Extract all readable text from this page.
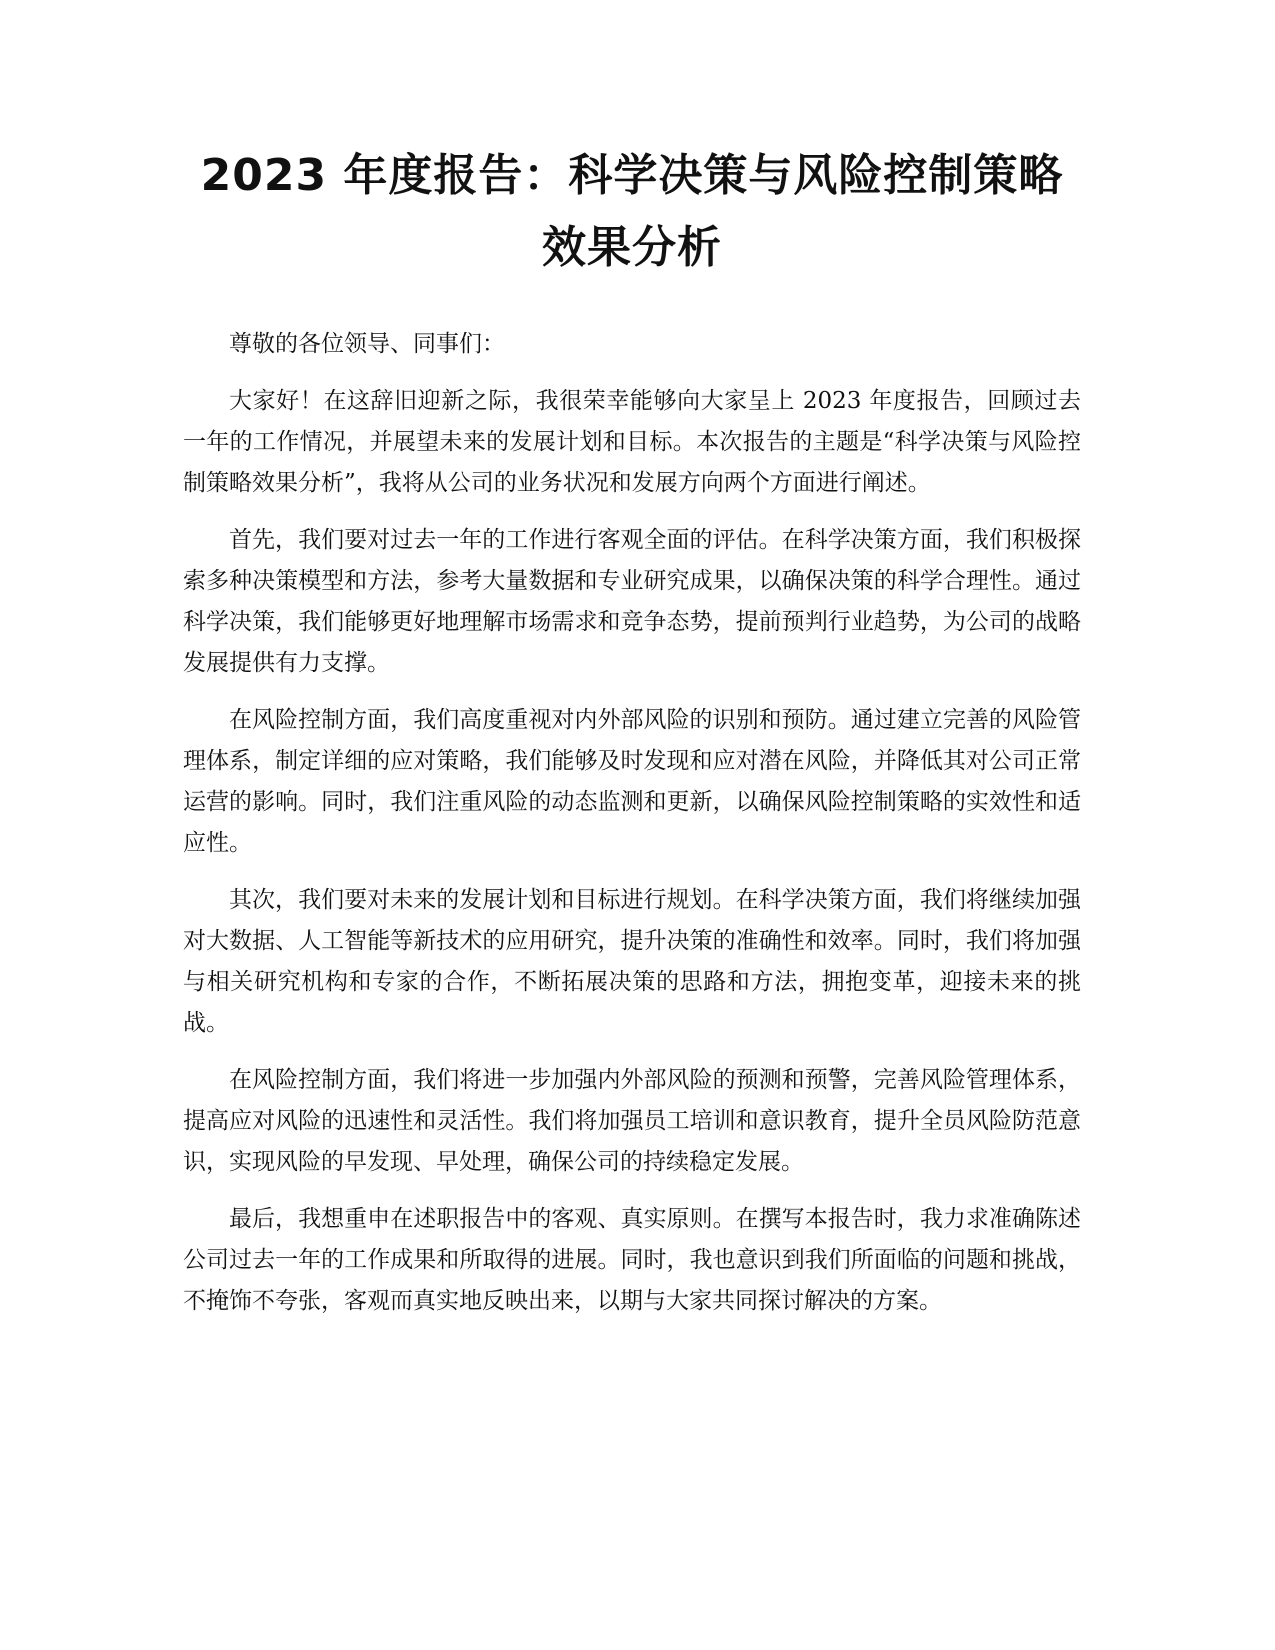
2023 年度报告：科学决策与风险控制策略效果分析

尊敬的各位领导、同事们：

大家好！在这辞旧迎新之际，我很荣幸能够向大家呈上 2023 年度报告，回顾过去一年的工作情况，并展望未来的发展计划和目标。本次报告的主题是“科学决策与风险控制策略效果分析”，我将从公司的业务状况和发展方向两个方面进行阐述。

首先，我们要对过去一年的工作进行客观全面的评估。在科学决策方面，我们积极探索多种决策模型和方法，参考大量数据和专业研究成果，以确保决策的科学合理性。通过科学决策，我们能够更好地理解市场需求和竞争态势，提前预判行业趋势，为公司的战略发展提供有力支撑。

在风险控制方面，我们高度重视对内外部风险的识别和预防。通过建立完善的风险管理体系，制定详细的应对策略，我们能够及时发现和应对潜在风险，并降低其对公司正常运营的影响。同时，我们注重风险的动态监测和更新，以确保风险控制策略的实效性和适应性。

其次，我们要对未来的发展计划和目标进行规划。在科学决策方面，我们将继续加强对大数据、人工智能等新技术的应用研究，提升决策的准确性和效率。同时，我们将加强与相关研究机构和专家的合作，不断拓展决策的思路和方法，拥抱变革，迎接未来的挑战。

在风险控制方面，我们将进一步加强内外部风险的预测和预警，完善风险管理体系，提高应对风险的迅速性和灵活性。我们将加强员工培训和意识教育，提升全员风险防范意识，实现风险的早发现、早处理，确保公司的持续稳定发展。

最后，我想重申在述职报告中的客观、真实原则。在撰写本报告时，我力求准确陈述公司过去一年的工作成果和所取得的进展。同时，我也意识到我们所面临的问题和挑战，不掩饰不夸张，客观而真实地反映出来，以期与大家共同探讨解决的方案。
